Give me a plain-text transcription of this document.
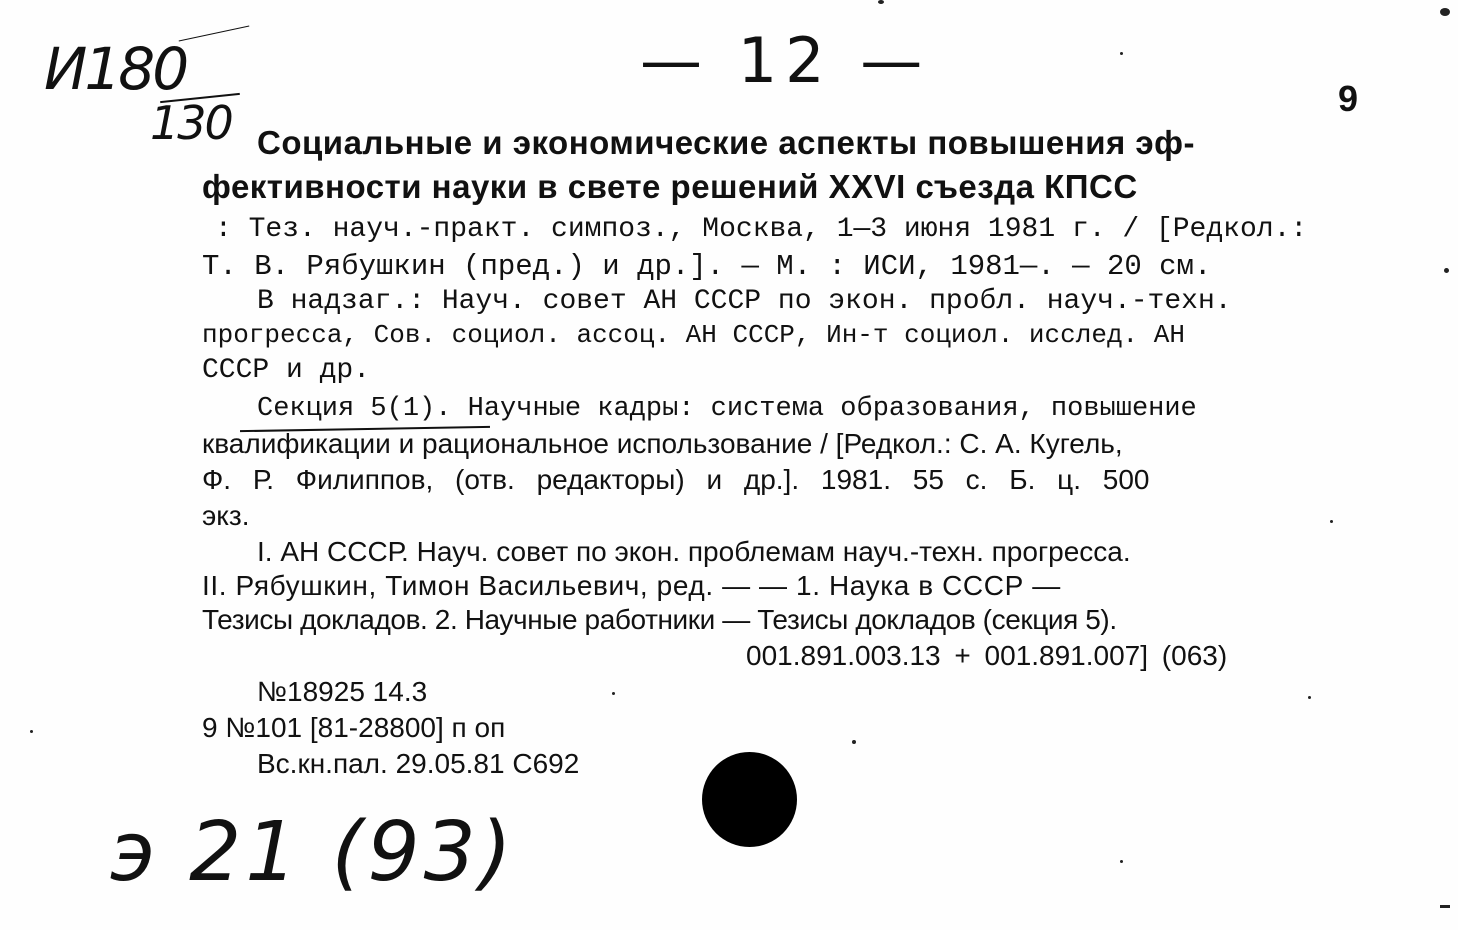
И180
130
— 12 —
9
Социальные и экономические аспекты повышения эф-
фективности науки в свете решений XXVI съезда КПСС
: Тез. науч.-практ. симпоз., Москва, 1—3 июня 1981 г. / [Редкол.:
Т. В. Рябушкин (пред.) и др.]. — М. : ИСИ, 1981—. — 20 см.
В надзаг.: Науч. совет АН СССР по экон. пробл. науч.-техн.
прогресса, Сов. социол. ассоц. АН СССР, Ин-т социол. исслед. АН
СССР и др.
Секция 5(1). Научные кадры: система образования, повышение
квалификации и рациональное использование / [Редкол.: С. А. Кугель,
Ф. Р. Филиппов, (отв. редакторы) и др.]. 1981. 55 с. Б. ц. 500
экз.
I. АН СССР. Науч. совет по экон. проблемам науч.-техн. прогресса.
II. Рябушкин, Тимон Васильевич, ред. — — 1. Наука в СССР —
Тезисы докладов. 2. Научные работники — Тезисы докладов (секция 5).
001.891.003.13 + 001.891.007] (063)
№18925 14.3
9 №101 [81-28800] п оп
Вс.кн.пал. 29.05.81 С692
э 21 (93)
